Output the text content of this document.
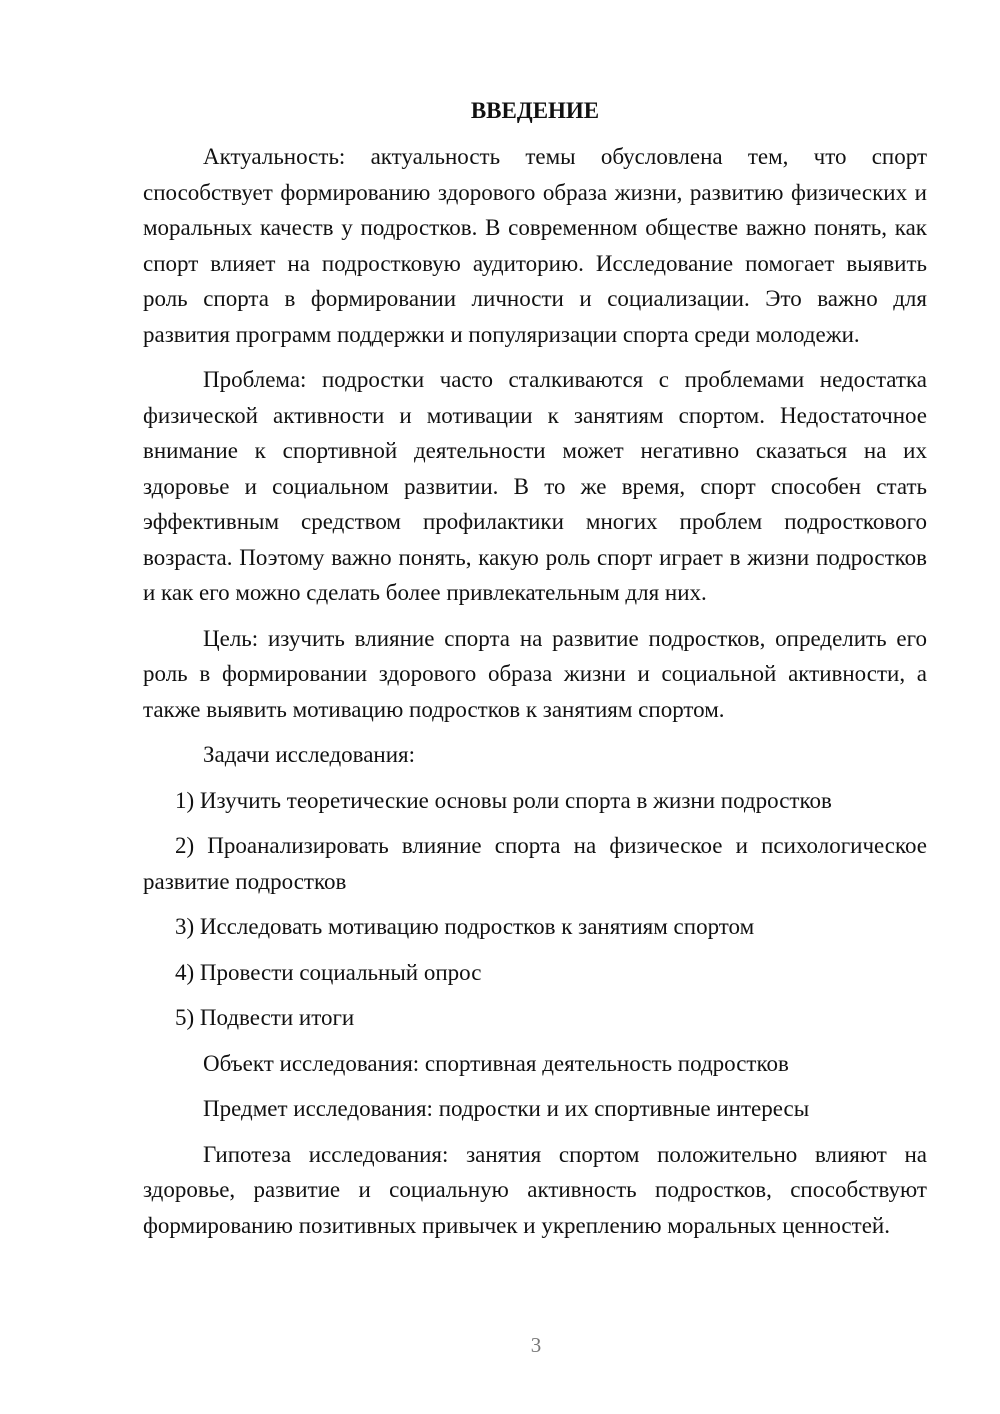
ВВЕДЕНИЕ

Актуальность: актуальность темы обусловлена тем, что спорт способствует формированию здорового образа жизни, развитию физических и моральных качеств у подростков. В современном обществе важно понять, как спорт влияет на подростковую аудиторию. Исследование помогает выявить роль спорта в формировании личности и социализации. Это важно для развития программ поддержки и популяризации спорта среди молодежи.

Проблема: подростки часто сталкиваются с проблемами недостатка физической активности и мотивации к занятиям спортом. Недостаточное внимание к спортивной деятельности может негативно сказаться на их здоровье и социальном развитии. В то же время, спорт способен стать эффективным средством профилактики многих проблем подросткового возраста. Поэтому важно понять, какую роль спорт играет в жизни подростков и как его можно сделать более привлекательным для них.

Цель: изучить влияние спорта на развитие подростков, определить его роль в формировании здорового образа жизни и социальной активности, а также выявить мотивацию подростков к занятиям спортом.

Задачи исследования:

1) Изучить теоретические основы роли спорта в жизни подростков

2) Проанализировать влияние спорта на физическое и психологическое развитие подростков

3) Исследовать мотивацию подростков к занятиям спортом

4) Провести социальный опрос

5) Подвести итоги

Объект исследования: спортивная деятельность подростков

Предмет исследования: подростки и их спортивные интересы

Гипотеза исследования: занятия спортом положительно влияют на здоровье, развитие и социальную активность подростков, способствуют формированию позитивных привычек и укреплению моральных ценностей.

3
